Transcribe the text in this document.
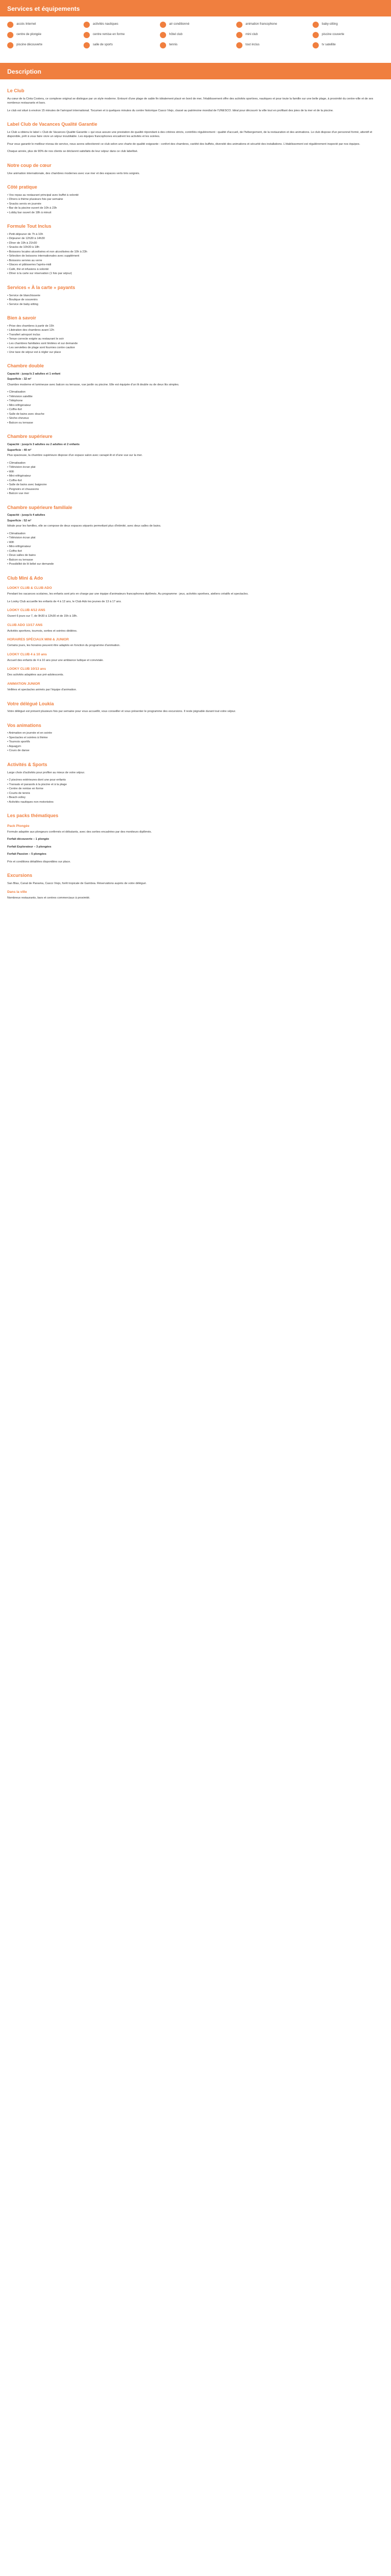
Services et équipements
accès Internet	activités nautiques	air conditionné	animation francophone	baby-sitting
centre de plongée	centre remise en forme	hôtel club	mini club	piscine couverte
piscine découverte	salle de sports	tennis	tout inclus	tv satellite
Description
Le Club

Au cœur de la Cinta Costera, ce complexe original se distingue par un style moderne. Entouré d'une plage de sable fin idéalement placé en bord de mer, l'établissement offre des activités sportives, nautiques et pour toute la famille sur une belle plage, à proximité du centre-ville et de ses nombreux restaurants et bars.

Le club est situé à environ 15 minutes de l'aéroport international. Tocumen et à quelques minutes du centre historique Casco Viejo, classé au patrimoine mondial de l'UNESCO. Idéal pour découvrir la ville tout en profitant des joies de la mer et de la piscine.

Label Club de Vacances Qualité Garantie

Le Club a obtenu le label « Club de Vacances Qualité Garantie » qui vous assure une prestation de qualité répondant à des critères stricts, contrôlés régulièrement : qualité d'accueil, de l'hébergement, de la restauration et des animations. Le club dispose d'un personnel formé, attentif et disponible, prêt à vous faire vivre un séjour inoubliable. Les équipes francophones encadrent les activités et les soirées.

Pour vous garantir le meilleur niveau de service, nous avons sélectionné ce club selon une charte de qualité exigeante : confort des chambres, variété des buffets, diversité des animations et sécurité des installations. L'établissement est régulièrement inspecté par nos équipes.

Chaque année, plus de 90% de nos clients se déclarent satisfaits de leur séjour dans ce club labellisé.

Notre coup de cœur

Une animation internationale, des chambres modernes avec vue mer et des espaces verts très soignés.

Côté pratique
• Vos repas au restaurant principal avec buffet à volonté
• Dîners à thème plusieurs fois par semaine
• Snacks servis en journée
• Bar de la piscine ouvert de 10h à 23h
• Lobby bar ouvert de 18h à minuit
Formule Tout Inclus
• Petit-déjeuner de 7h à 10h
• Déjeuner de 12h30 à 14h30
• Dîner de 19h à 21h30
• Snacks de 10h30 à 18h
• Boissons locales alcoolisées et non alcoolisées de 10h à 23h
• Sélection de boissons internationales avec supplément
• Boissons servies au verre
• Glaces et pâtisseries l'après-midi
• Café, thé et infusions à volonté
• Dîner à la carte sur réservation (1 fois par séjour)
Services « À la carte » payants
• Service de blanchisserie
• Boutique de souvenirs
• Service de baby-sitting
Bien à savoir
• Prise des chambres à partir de 15h
• Libération des chambres avant 12h
• Transfert aéroport inclus
• Tenue correcte exigée au restaurant le soir
• Les chambres familiales sont limitées et sur demande
• Les serviettes de plage sont fournies contre caution
• Une taxe de séjour est à régler sur place
Chambre double

Capacité : jusqu'à 2 adultes et 1 enfant

Superficie : 32 m²

Chambre moderne et lumineuse avec balcon ou terrasse, vue jardin ou piscine. Elle est équipée d'un lit double ou de deux lits simples.

• Climatisation
• Télévision satellite
• Téléphone
• Mini-réfrigérateur
• Coffre-fort
• Salle de bains avec douche
• Sèche-cheveux
• Balcon ou terrasse
Chambre supérieure

Capacité : jusqu'à 3 adultes ou 2 adultes et 2 enfants

Superficie : 40 m²

Plus spacieuse, la chambre supérieure dispose d'un espace salon avec canapé-lit et d'une vue sur la mer.

• Climatisation
• Télévision écran plat
• Wifi
• Mini-réfrigérateur
• Coffre-fort
• Salle de bains avec baignoire
• Peignoirs et chaussons
• Balcon vue mer
Chambre supérieure familiale

Capacité : jusqu'à 4 adultes

Superficie : 52 m²

Idéale pour les familles, elle se compose de deux espaces séparés permettant plus d'intimité, avec deux salles de bains.

• Climatisation
• Télévision écran plat
• Wifi
• Mini-réfrigérateur
• Coffre-fort
• Deux salles de bains
• Balcon ou terrasse
• Possibilité de lit bébé sur demande
Club Mini & Ado
LOOKY CLUB & CLUB ADO

Pendant les vacances scolaires, les enfants sont pris en charge par une équipe d'animateurs francophones diplômés. Au programme : jeux, activités sportives, ateliers créatifs et spectacles.

Le Looky Club accueille les enfants de 4 à 12 ans, le Club Ado les jeunes de 13 à 17 ans.

LOOKY CLUB 4/12 ANS

Ouvert 6 jours sur 7, de 9h30 à 12h30 et de 15h à 18h.

CLUB ADO 13/17 ANS

Activités sportives, tournois, sorties et soirées dédiées.

HORAIRES SPÉCIAUX MINI & JUNIOR

Certains jours, les horaires peuvent être adaptés en fonction du programme d'animation.

LOOKY CLUB 4 à 10 ans

Accueil des enfants de 4 à 10 ans pour une ambiance ludique et conviviale.

LOOKY CLUB 10/13 ans

Des activités adaptées aux pré-adolescents.

ANIMATION JUNIOR

Veillées et spectacles animés par l'équipe d'animation.

Votre délégué Loukia

Votre délégué est présent plusieurs fois par semaine pour vous accueillir, vous conseiller et vous présenter le programme des excursions. Il reste joignable durant tout votre séjour.

Vos animations
• Animation en journée et en soirée
• Spectacles et soirées à thème
• Tournois sportifs
• Aquagym
• Cours de danse
Activités & Sports

Large choix d'activités pour profiter au mieux de votre séjour.

• 2 piscines extérieures dont une pour enfants
• Transats et parasols à la piscine et à la plage
• Centre de remise en forme
• Courts de tennis
• Beach-volley
• Activités nautiques non motorisées
Les packs thématiques
Pack Plongée

Formule adaptée aux plongeurs confirmés et débutants, avec des sorties encadrées par des moniteurs diplômés.

Forfait découverte – 1 plongée

Forfait Explorateur – 3 plongées

Forfait Passion – 5 plongées

Prix et conditions détaillées disponibles sur place.

Excursions

San Blas, Canal de Panama, Casco Viejo, forêt tropicale de Gamboa. Réservations auprès de votre délégué.

Dans la ville

Nombreux restaurants, bars et centres commerciaux à proximité.
